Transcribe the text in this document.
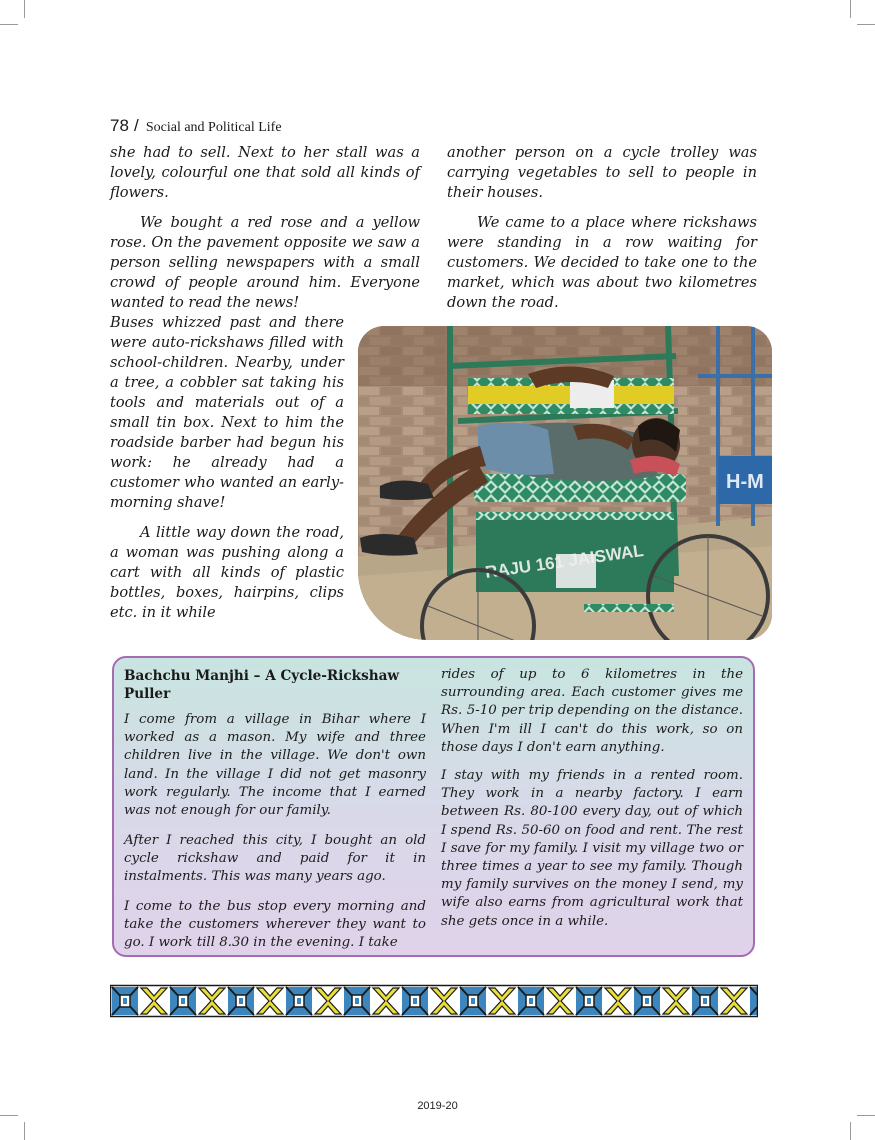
78 / Social and Political Life

she had to sell. Next to her stall was a lovely, colourful one that sold all kinds of flowers.

We bought a red rose and a yellow rose. On the pavement opposite we saw a person selling newspapers with a small crowd of people around him. Everyone wanted to read the news!

Buses whizzed past and there were auto-rickshaws filled with school-children. Nearby, under a tree, a cobbler sat taking his tools and materials out of a small tin box. Next to him the roadside barber had begun his work: he already had a customer who wanted an early-morning shave!

A little way down the road, a woman was pushing along a cart with all kinds of plastic bottles, boxes, hairpins, clips etc. in it while

another person on a cycle trolley was carrying vegetables to sell to people in their houses.

We came to a place where rickshaws were standing in a row waiting for customers. We decided to take one to the market, which was about two kilometres down the road.

H-M
RAJU 161 JAISWAL

Bachchu Manjhi – A Cycle-Rickshaw Puller

I come from a village in Bihar where I worked as a mason. My wife and three children live in the village. We don't own land. In the village I did not get masonry work regularly. The income that I earned was not enough for our family.

After I reached this city, I bought an old cycle rickshaw and paid for it in instalments. This was many years ago.

I come to the bus stop every morning and take the customers wherever they want to go. I work till 8.30 in the evening. I take

rides of up to 6 kilometres in the surrounding area. Each customer gives me Rs. 5-10 per trip depending on the distance. When I'm ill I can't do this work, so on those days I don't earn anything.

I stay with my friends in a rented room. They work in a nearby factory. I earn between Rs. 80-100 every day, out of which I spend Rs. 50-60 on food and rent. The rest I save for my family. I visit my village two or three times a year to see my family. Though my family survives on the money I send, my wife also earns from agricultural work that she gets once in a while.

2019-20
